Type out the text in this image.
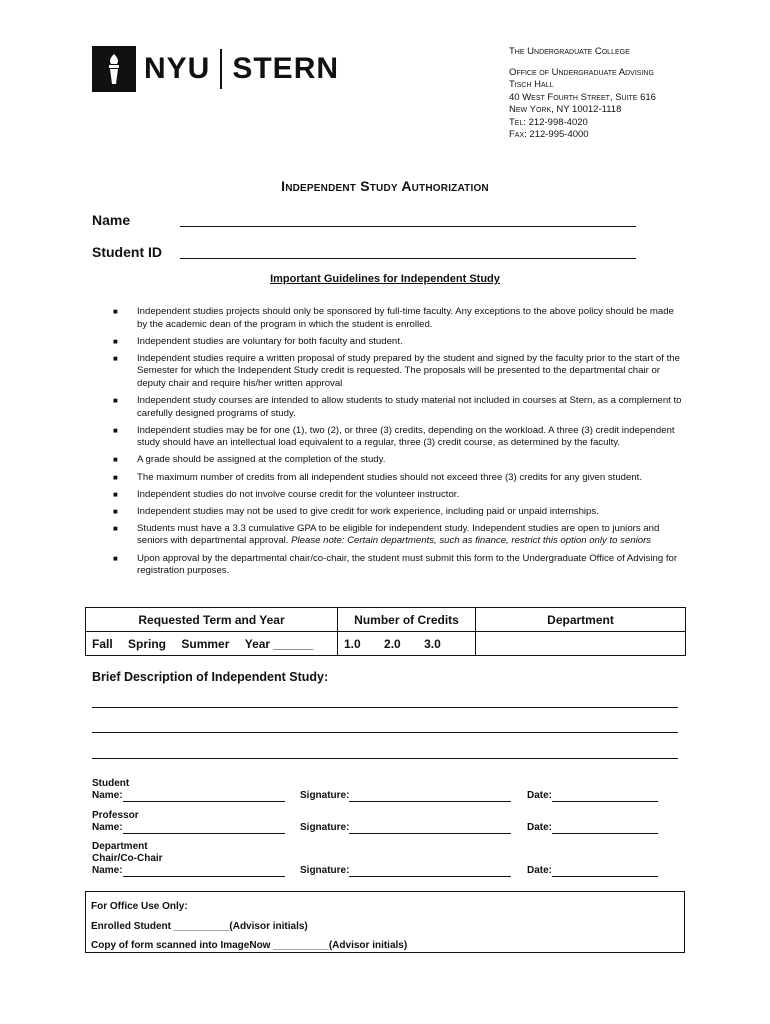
NYU STERN
The Undergraduate College
Office of Undergraduate Advising
Tisch Hall
40 West Fourth Street, Suite 616
New York, NY 10012-1118
Tel: 212-998-4020
Fax: 212-995-4000
Independent Study Authorization
Name
Student ID
Important Guidelines for Independent Study
■	Independent studies projects should only be sponsored by full-time faculty. Any exceptions to the above policy should be made by the academic dean of the program in which the student is enrolled.
■	Independent studies are voluntary for both faculty and student.
■	Independent studies require a written proposal of study prepared by the student and signed by the faculty prior to the start of the Semester for which the Independent Study credit is requested. The proposals will be presented to the departmental chair or deputy chair and require his/her written approval
■	Independent study courses are intended to allow students to study material not included in courses at Stern, as a complement to carefully designed programs of study.
■	Independent studies may be for one (1), two (2), or three (3) credits, depending on the workload. A three (3) credit independent study should have an intellectual load equivalent to a regular, three (3) credit course, as determined by the faculty.
■	A grade should be assigned at the completion of the study.
■	The maximum number of credits from all independent studies should not exceed three (3) credits for any given student.
■	Independent studies do not involve course credit for the volunteer instructor.
■	Independent studies may not be used to give credit for work experience, including paid or unpaid internships.
■	Students must have a 3.3 cumulative GPA to be eligible for independent study. Independent studies are open to juniors and seniors with departmental approval. Please note: Certain departments, such as finance, restrict this option only to seniors
■	Upon approval by the departmental chair/co-chair, the student must submit this form to the Undergraduate Office of Advising for registration purposes.
Requested Term and Year	Number of Credits	Department
Fall Spring Summer Year ______	1.0 2.0 3.0	
Brief Description of Independent Study:
Student
Name:	Signature:	Date:
Professor
Name:	Signature:	Date:
Department
Chair/Co-Chair
Name:	Signature:	Date:
For Office Use Only:
Enrolled Student __________(Advisor initials)
Copy of form scanned into ImageNow __________(Advisor initials)
